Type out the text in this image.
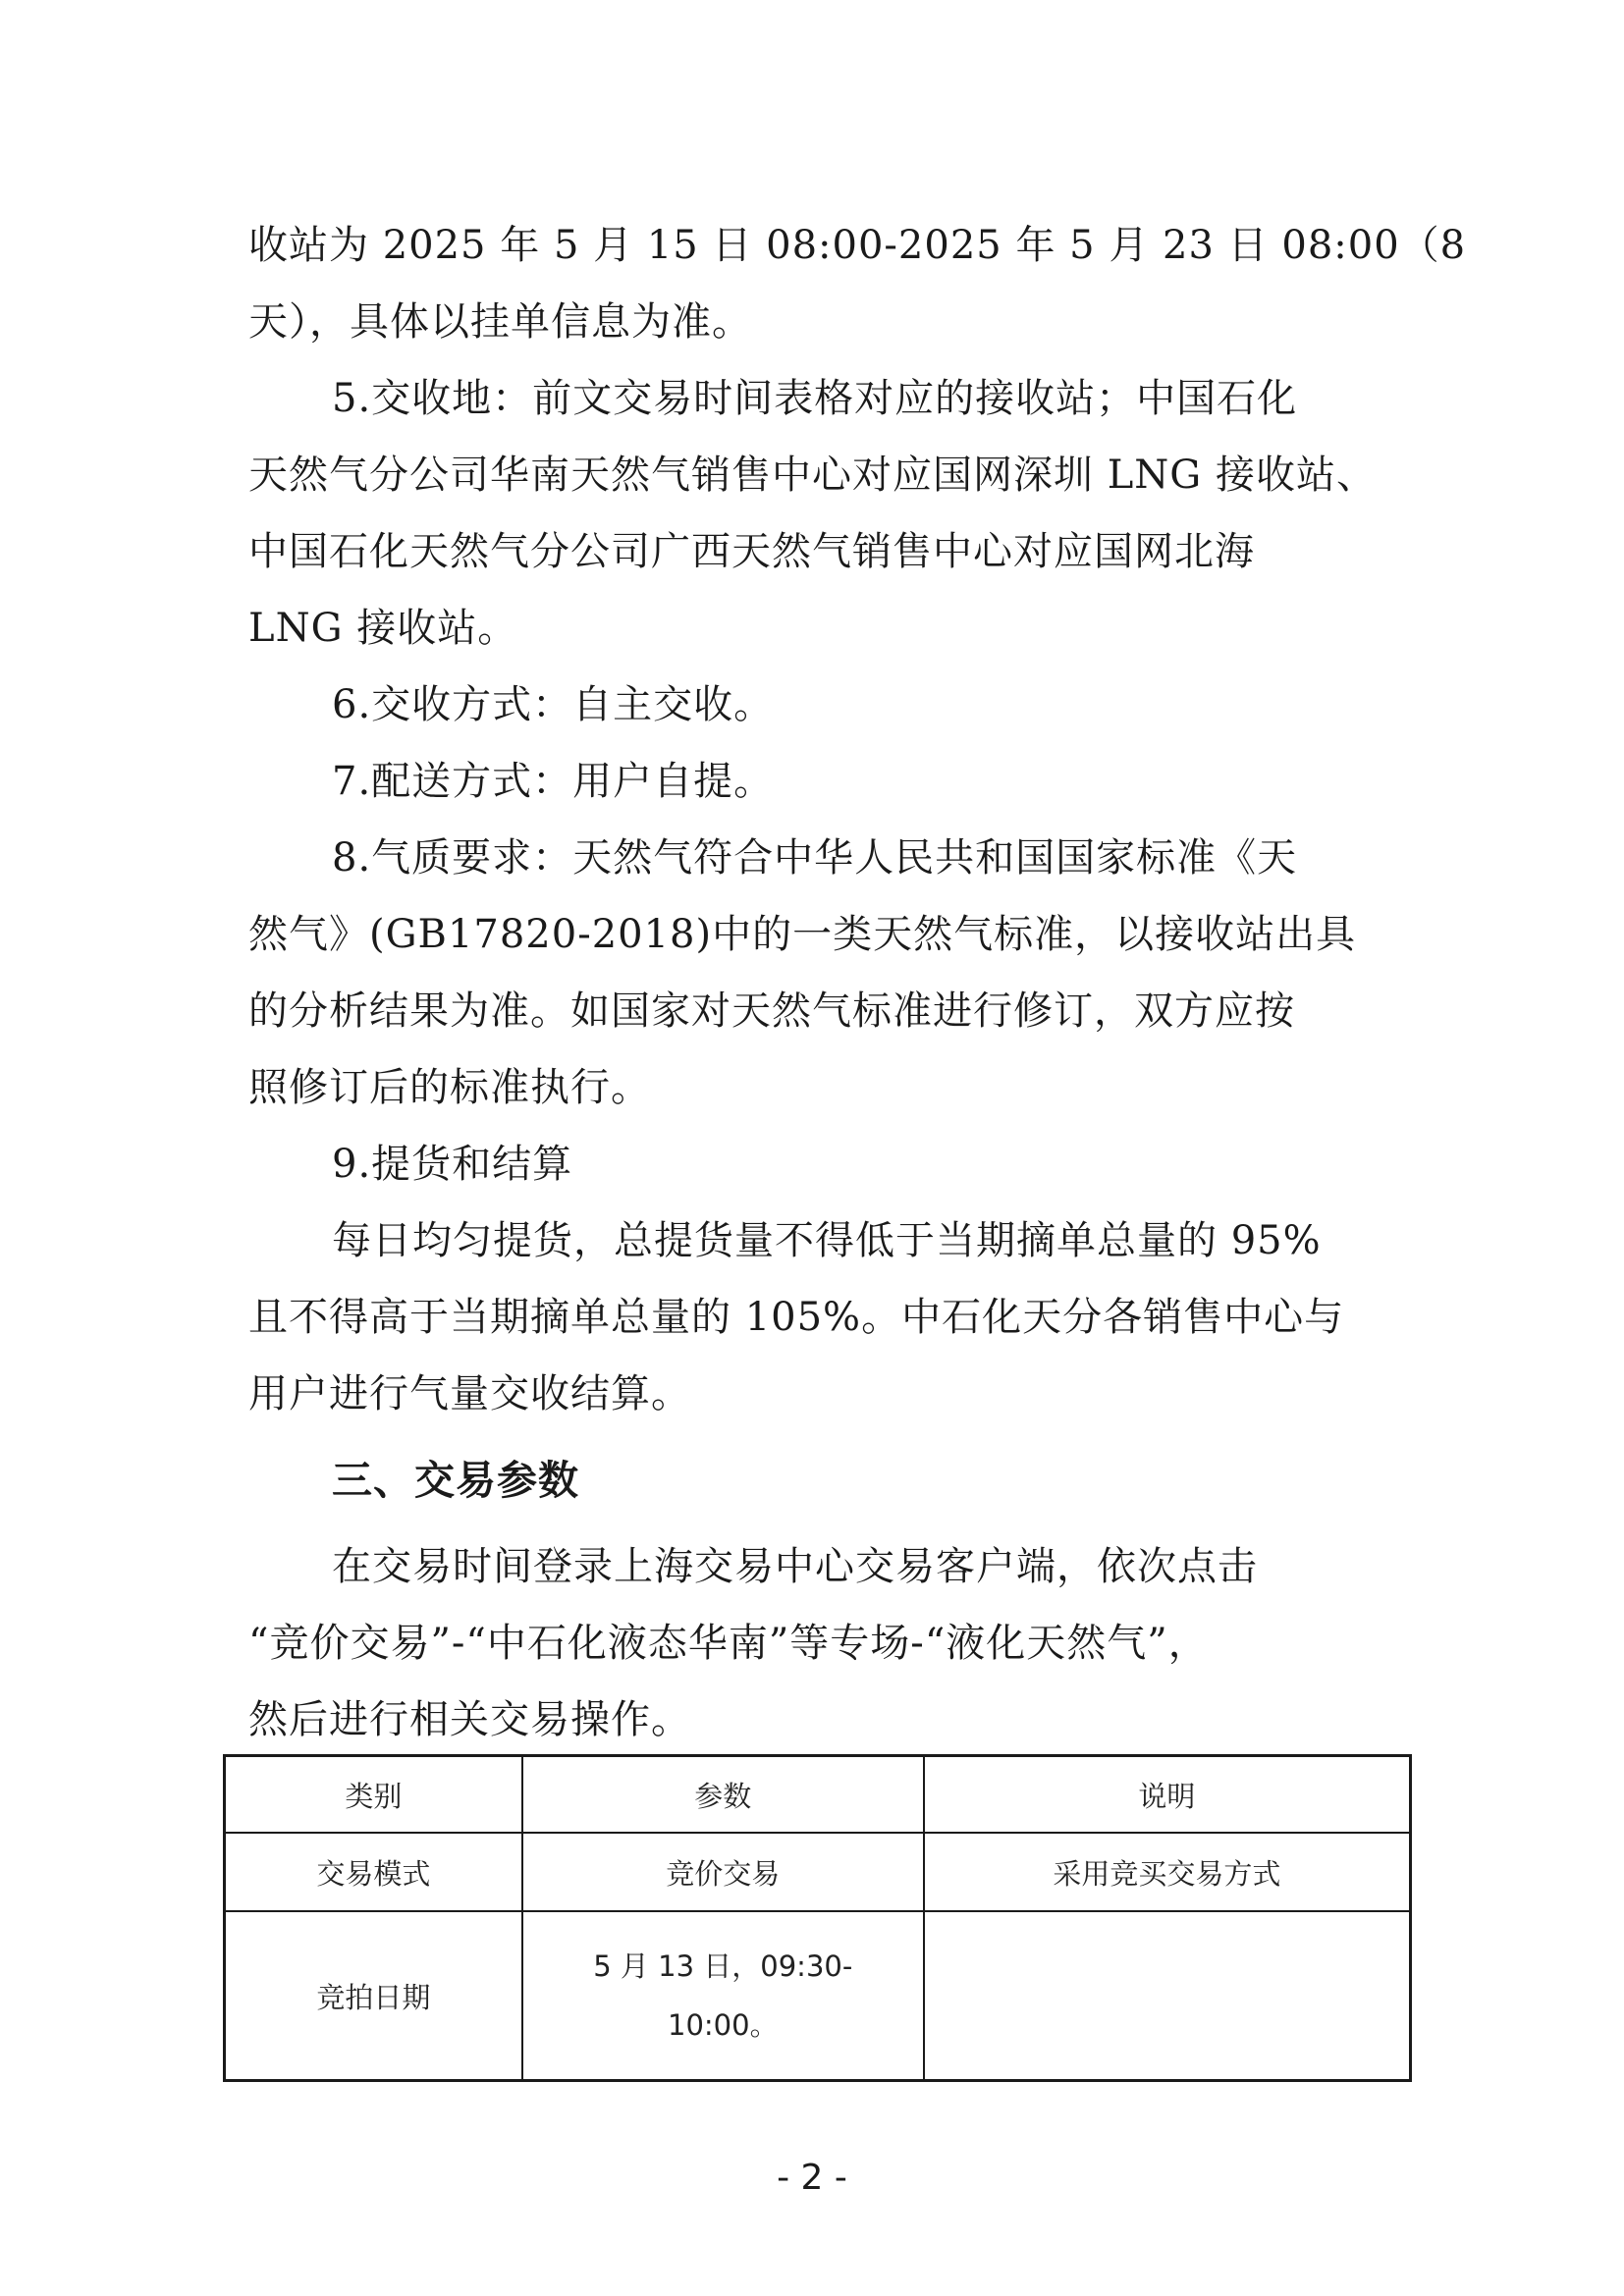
收站为 2025 年 5 月 15 日 08:00-2025 年 5 月 23 日 08:00（8
天），具体以挂单信息为准。
5.交收地：前文交易时间表格对应的接收站；中国石化
天然气分公司华南天然气销售中心对应国网深圳 LNG 接收站、
中国石化天然气分公司广西天然气销售中心对应国网北海
LNG 接收站。
6.交收方式：自主交收。
7.配送方式：用户自提。
8.气质要求：天然气符合中华人民共和国国家标准《天
然气》(GB17820-2018)中的一类天然气标准，以接收站出具
的分析结果为准。如国家对天然气标准进行修订，双方应按
照修订后的标准执行。
9.提货和结算
每日均匀提货，总提货量不得低于当期摘单总量的 95%
且不得高于当期摘单总量的 105%。中石化天分各销售中心与
用户进行气量交收结算。
三、交易参数
在交易时间登录上海交易中心交易客户端，依次点击
“竞价交易”-“中石化液态华南”等专场-“液化天然气”，
然后进行相关交易操作。
类别	参数	说明
交易模式	竞价交易	采用竞买交易方式
竞拍日期	5 月 13 日，09:30-
10:00。	

- 2 -
